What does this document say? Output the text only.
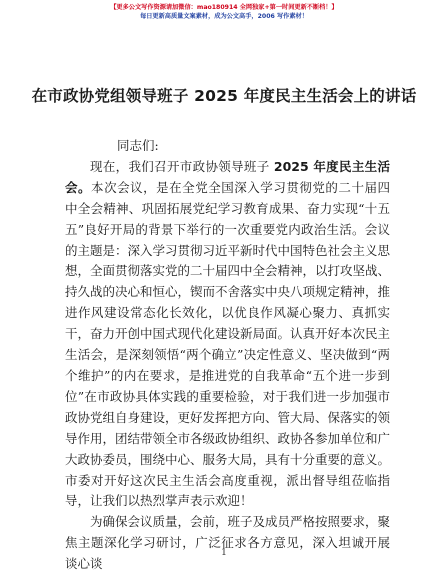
【更多公文写作资源请加微信：mao180914 全网独家+第一时间更新不断档！】
每日更新高质量文案素材，成为公文高手，2006 写作素材！
在市政协党组领导班子 2025 年度民主生活会上的讲话

同志们:

现在，我们召开市政协领导班子 2025 年度民主生活会。本次会议，是在全党全国深入学习贯彻党的二十届四中全会精神、巩固拓展党纪学习教育成果、奋力实现“十五五”良好开局的背景下举行的一次重要党内政治生活。会议的主题是：深入学习贯彻习近平新时代中国特色社会主义思想，全面贯彻落实党的二十届四中全会精神，以打攻坚战、持久战的决心和恒心，锲而不舍落实中央八项规定精神，推进作风建设常态化长效化，以优良作风凝心聚力、真抓实干，奋力开创中国式现代化建设新局面。认真开好本次民主生活会，是深刻领悟“两个确立”决定性意义、坚决做到“两个维护”的内在要求，是推进党的自我革命“五个进一步到位”在市政协具体实践的重要检验，对于我们进一步加强市政协党组自身建设，更好发挥把方向、管大局、保落实的领导作用，团结带领全市各级政协组织、政协各参加单位和广大政协委员，围绕中心、服务大局，具有十分重要的意义。市委对开好这次民主生活会高度重视，派出督导组莅临指导，让我们以热烈掌声表示欢迎！

为确保会议质量，会前，班子及成员严格按照要求，聚焦主题深化学习研讨，广泛征求各方意见，深入坦诚开展谈心谈

1
